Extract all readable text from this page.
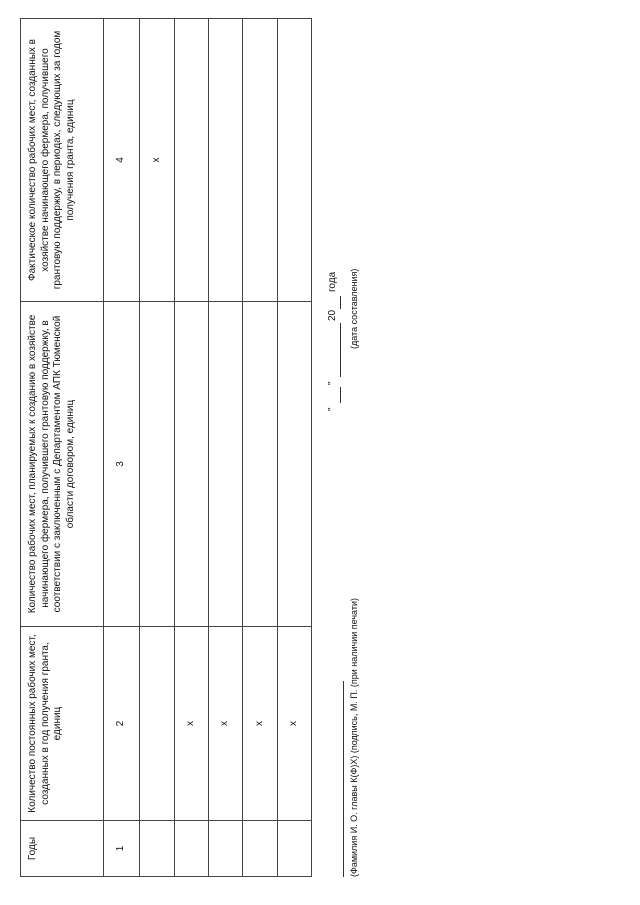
Годы	Количество постоянных рабочих мест, созданных в год получения гранта, единиц	Количество рабочих мест, планируемых к созданию в хозяйстве начинающего фермера, получившего грантовую поддержку, в соответствии с заключенным с Департаментом АПК Тюменской области договором, единиц	Фактическое количество рабочих мест, созданных в хозяйстве начинающего фермера, получившего грантовую поддержку, в периодах, следующих за годом получения гранта, единиц
1	2	3	4
			x
	x		
	x		
	x		
	x		
"
"
20
года
(Фамилия И. О. главы К(Ф)Х) (подпись, М. П. (при наличии печати)
(дата составления)
